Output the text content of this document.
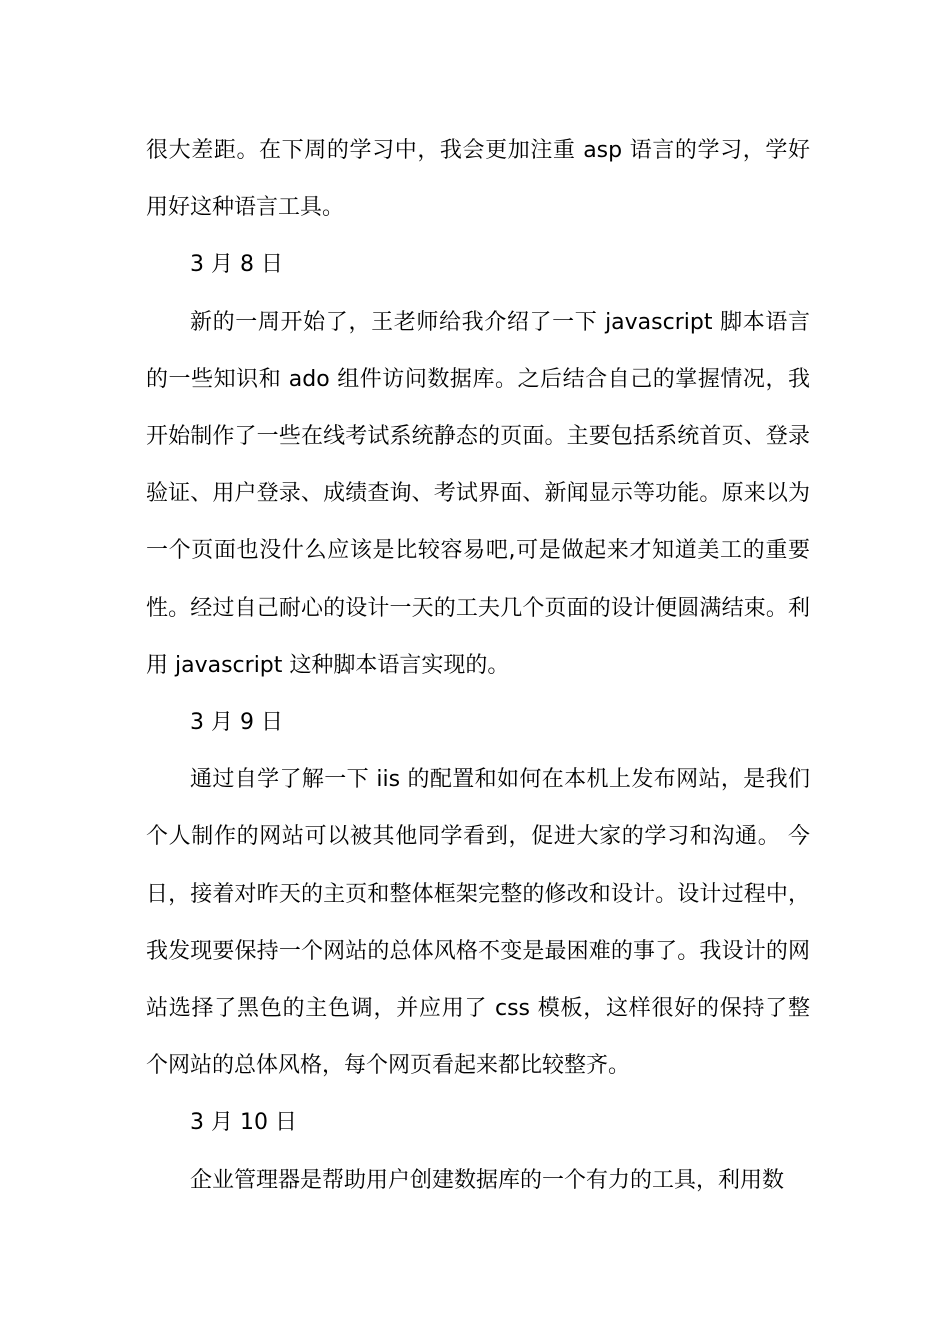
很大差距。在下周的学习中，我会更加注重 asp 语言的学习，学好用好这种语言工具。

3 月 8 日

新的一周开始了，王老师给我介绍了一下 javascript 脚本语言的一些知识和 ado 组件访问数据库。之后结合自己的掌握情况，我开始制作了一些在线考试系统静态的页面。主要包括系统首页、登录验证、用户登录、成绩查询、考试界面、新闻显示等功能。原来以为一个页面也没什么应该是比较容易吧,可是做起来才知道美工的重要性。经过自己耐心的设计一天的工夫几个页面的设计便圆满结束。利用 javascript 这种脚本语言实现的。

3 月 9 日

通过自学了解一下 iis 的配置和如何在本机上发布网站，是我们个人制作的网站可以被其他同学看到，促进大家的学习和沟通。 今日，接着对昨天的主页和整体框架完整的修改和设计。设计过程中，我发现要保持一个网站的总体风格不变是最困难的事了。我设计的网站选择了黑色的主色调，并应用了 css 模板，这样很好的保持了整个网站的总体风格，每个网页看起来都比较整齐。

3 月 10 日

企业管理器是帮助用户创建数据库的一个有力的工具，利用数
